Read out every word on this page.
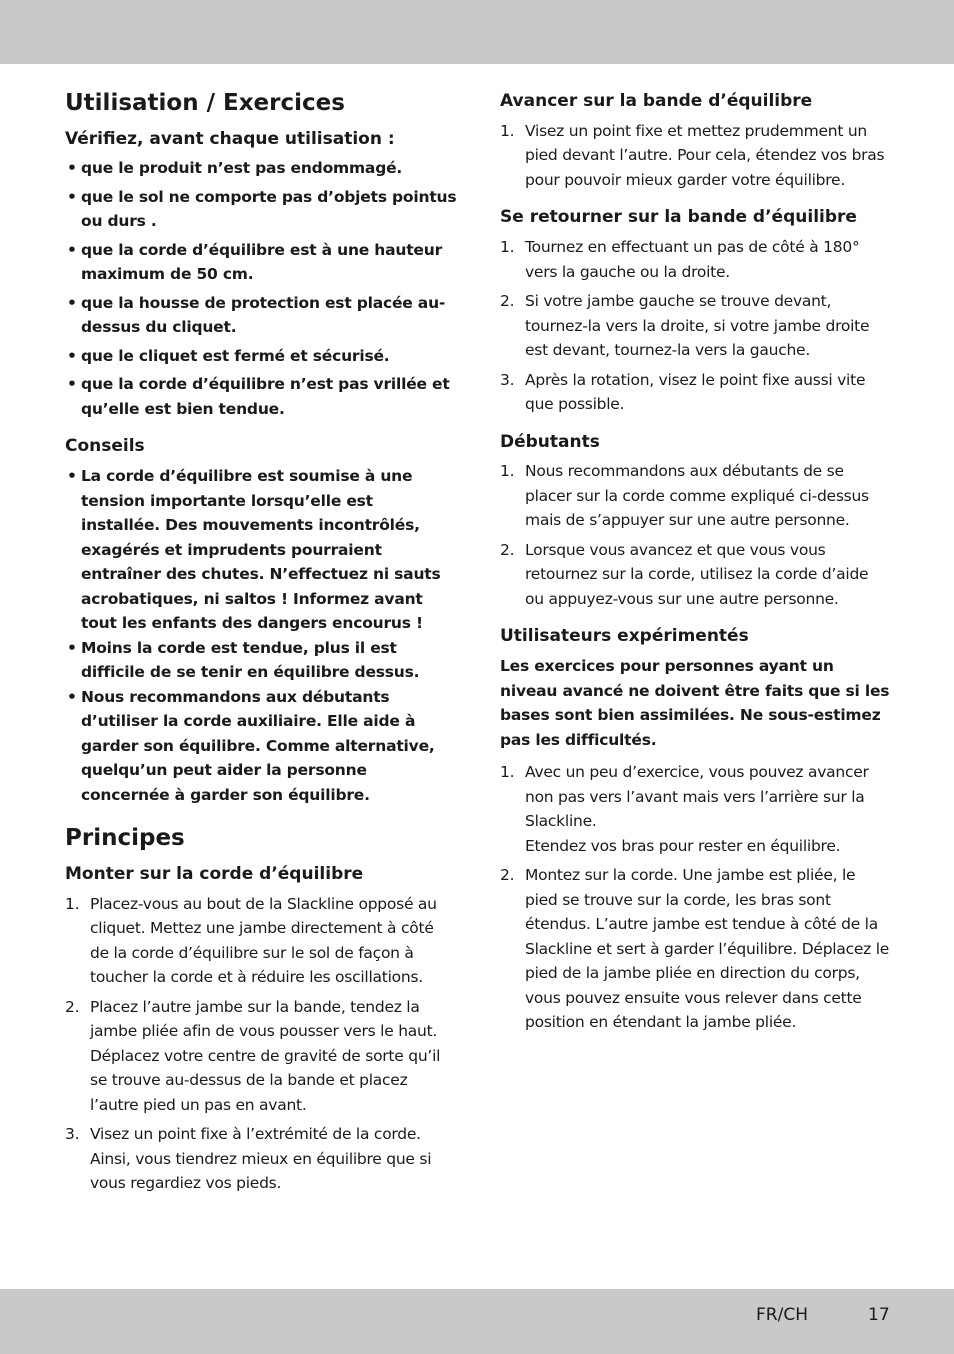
Utilisation / Exercices
Vérifiez, avant chaque utilisation :
• que le produit n’est pas endommagé.
• que le sol ne comporte pas d’objets pointus ou durs .
• que la corde d’équilibre est à une hauteur maximum de 50 cm.
• que la housse de protection est placée au-dessus du cliquet.
• que le cliquet est fermé et sécurisé.
• que la corde d’équilibre n’est pas vrillée et qu’elle est bien tendue.
Conseils
• La corde d’équilibre est soumise à une tension importante lorsqu’elle est installée. Des mouvements incontrôlés, exagérés et imprudents pourraient entraîner des chutes. N’effectuez ni sauts acrobatiques, ni saltos ! Informez avant tout les enfants des dangers encourus !
• Moins la corde est tendue, plus il est difficile de se tenir en équilibre dessus.
• Nous recommandons aux débutants d’utiliser la corde auxiliaire. Elle aide à garder son équilibre. Comme alternative, quelqu’un peut aider la personne concernée à garder son équilibre.
Principes
Monter sur la corde d’équilibre
1. Placez-vous au bout de la Slackline opposé au cliquet. Mettez une jambe directement à côté de la corde d’équilibre sur le sol de façon à toucher la corde et à réduire les oscillations.
2. Placez l’autre jambe sur la bande, tendez la jambe pliée afin de vous pousser vers le haut. Déplacez votre centre de gravité de sorte qu’il se trouve au-dessus de la bande et placez l’autre pied un pas en avant.
3. Visez un point fixe à l’extrémité de la corde. Ainsi, vous tiendrez mieux en équilibre que si vous regardiez vos pieds.
Avancer sur la bande d’équilibre
1. Visez un point fixe et mettez prudemment un pied devant l’autre. Pour cela, étendez vos bras pour pouvoir mieux garder votre équilibre.
Se retourner sur la bande d’équilibre
1. Tournez en effectuant un pas de côté à 180° vers la gauche ou la droite.
2. Si votre jambe gauche se trouve devant, tournez-la vers la droite, si votre jambe droite est devant, tournez-la vers la gauche.
3. Après la rotation, visez le point fixe aussi vite que possible.
Débutants
1. Nous recommandons aux débutants de se placer sur la corde comme expliqué ci-dessus mais de s’appuyer sur une autre personne.
2. Lorsque vous avancez et que vous vous retournez sur la corde, utilisez la corde d’aide ou appuyez-vous sur une autre personne.
Utilisateurs expérimentés

Les exercices pour personnes ayant un niveau avancé ne doivent être faits que si les bases sont bien assimilées. Ne sous-estimez pas les difficultés.

1. Avec un peu d’exercice, vous pouvez avancer non pas vers l’avant mais vers l’arrière sur la Slackline.
Etendez vos bras pour rester en équilibre.
2. Montez sur la corde. Une jambe est pliée, le pied se trouve sur la corde, les bras sont étendus. L’autre jambe est tendue à côté de la Slackline et sert à garder l’équilibre. Déplacez le pied de la jambe pliée en direction du corps, vous pouvez ensuite vous relever dans cette position en étendant la jambe pliée.
FR/CH	17
